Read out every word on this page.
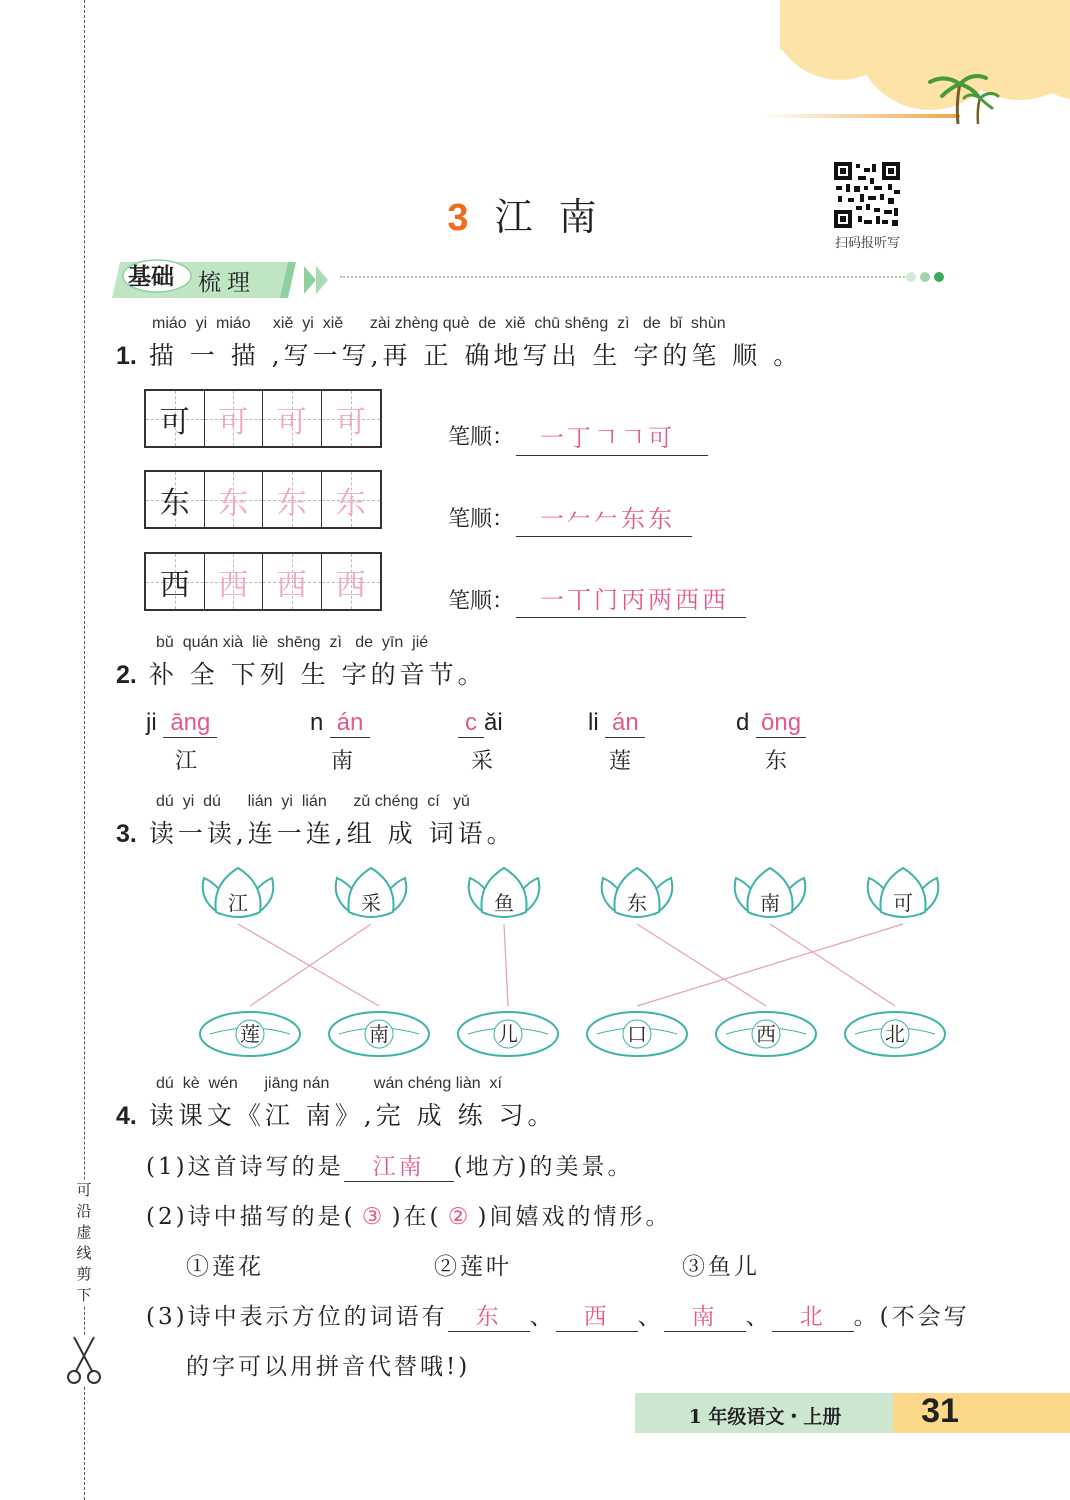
可
沿
虚
线
剪
下
3 江南
扫码报听写
基础 梳理
miáo  yi  miáo     xiě  yi  xiě      zài zhèng què  de  xiě  chū shēng  zì   de  bǐ  shùn
1. 描 一 描 ,写一写,再 正 确地写出 生 字的笔 顺 。
可 可 可 可	笔顺：	一丁𠃍𠃍可
东 东 东 东	笔顺：	一𠂉𠂉东东
西 西 西 西	笔顺：	一丅门丙两西西
bǔ  quán xià  liè  shēng  zì   de  yīn  jié
2. 补 全 下列 生 字的音节。
ji āng
江
n án
南
c ǎi
采
li án
莲
d ōng
东
dú  yi  dú      lián  yi  lián      zǔ chéng  cí   yǔ
3. 读一读,连一连,组 成 词语。
江	采	鱼	东	南	可
莲	南	儿	口	西	北
dú  kè  wén      jiāng nán          wán chéng liàn  xí
4. 读课文《江 南》,完 成 练 习。
(1)这首诗写的是 江南 (地方)的美景。
(2)诗中描写的是( ③ )在( ② )间嬉戏的情形。
①莲花	②莲叶	③鱼儿
(3)诗中表示方位的词语有 东 、 西 、 南 、 北 。(不会写
的字可以用拼音代替哦!)
1 年级语文・上册	31
